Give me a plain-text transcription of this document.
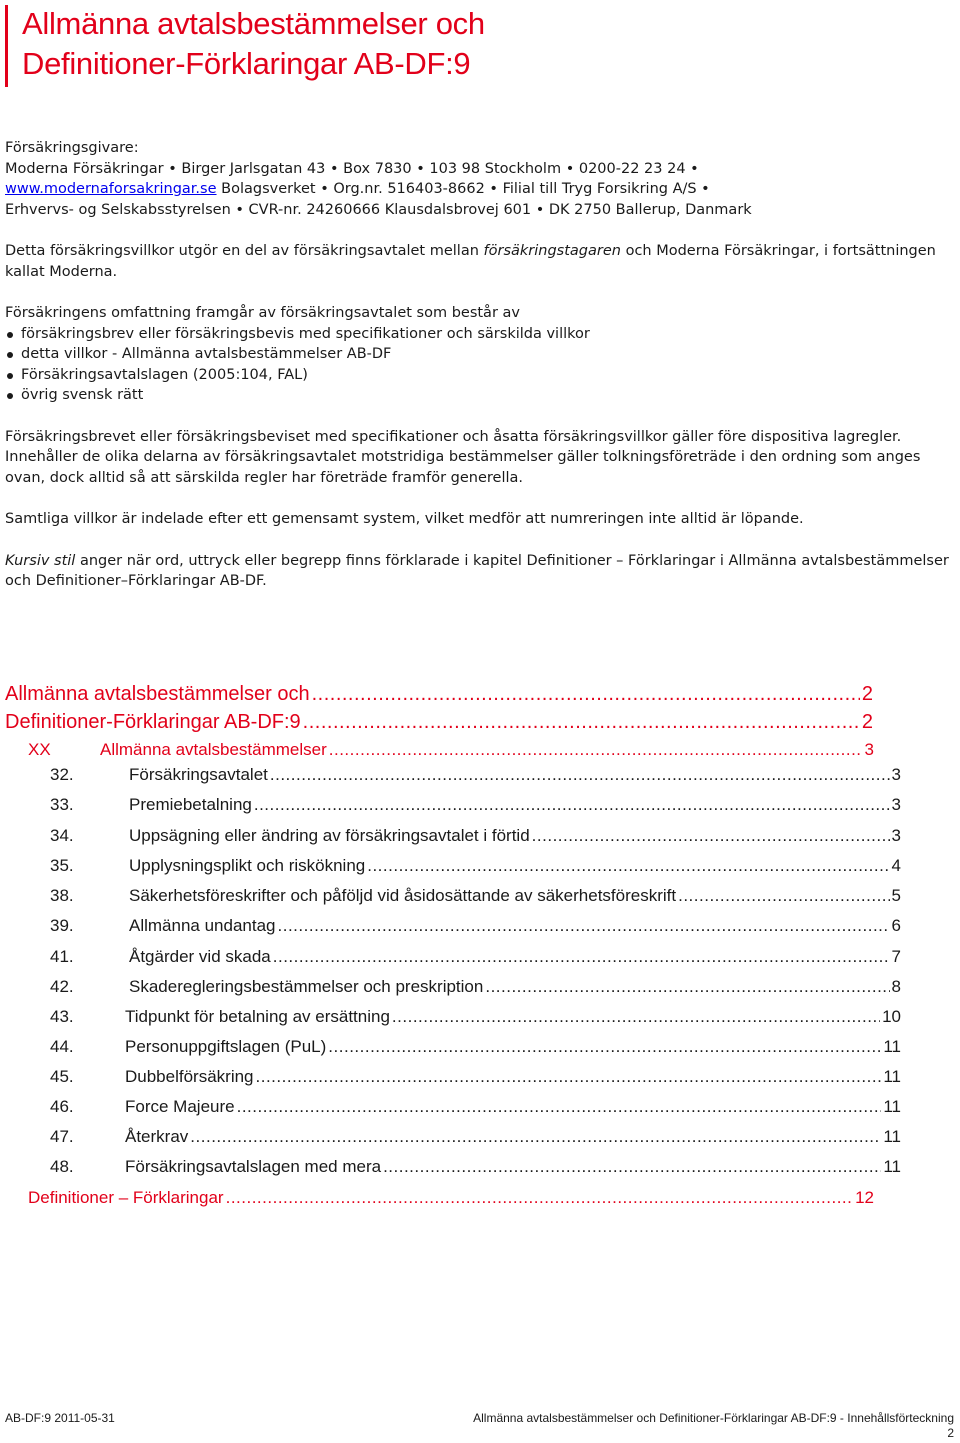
Allmänna avtalsbestämmelser och
Definitioner-Förklaringar AB-DF:9

Försäkringsgivare:

Moderna Försäkringar • Birger Jarlsgatan 43 • Box 7830 • 103 98 Stockholm • 0200-22 23 24 •

www.modernaforsakringar.se Bolagsverket • Org.nr. 516403-8662 • Filial till Tryg Forsikring A/S •

Erhvervs- og Selskabsstyrelsen • CVR-nr. 24260666 Klausdalsbrovej 601 • DK 2750 Ballerup, Danmark

Detta försäkringsvillkor utgör en del av försäkringsavtalet mellan försäkringstagaren och Moderna Försäkringar, i fortsättningen kallat Moderna.

Försäkringens omfattning framgår av försäkringsavtalet som består av

försäkringsbrev eller försäkringsbevis med specifikationer och särskilda villkor
detta villkor - Allmänna avtalsbestämmelser AB-DF
Försäkringsavtalslagen (2005:104, FAL)
övrig svensk rätt

Försäkringsbrevet eller försäkringsbeviset med specifikationer och åsatta försäkringsvillkor gäller före dispositiva lagregler. Innehåller de olika delarna av försäkringsavtalet motstridiga bestämmelser gäller tolkningsföreträde i den ordning som anges ovan, dock alltid så att särskilda regler har företräde framför generella.

Samtliga villkor är indelade efter ett gemensamt system, vilket medför att numreringen inte alltid är löpande.

Kursiv stil anger när ord, uttryck eller begrepp finns förklarade i kapitel Definitioner – Förklaringar i Allmänna avtalsbestämmelser och Definitioner–Förklaringar AB-DF.

Allmänna avtalsbestämmelser och .....	2
Definitioner-Förklaringar AB-DF:9 .....	2
XX	Allmänna avtalsbestämmelser .....	3
32.	Försäkringsavtalet .....	3
33.	Premiebetalning .....	3
34.	Uppsägning eller ändring av försäkringsavtalet i förtid .....	3
35.	Upplysningsplikt och riskökning .....	4
38.	Säkerhetsföreskrifter och påföljd vid åsidosättande av säkerhetsföreskrift .....	5
39.	Allmänna undantag .....	6
41.	Åtgärder vid skada .....	7
42.	Skaderegleringsbestämmelser och preskription .....	8
43.	Tidpunkt för betalning av ersättning .....	10
44.	Personuppgiftslagen (PuL) .....	11
45.	Dubbelförsäkring .....	11
46.	Force Majeure .....	11
47.	Återkrav .....	11
48.	Försäkringsavtalslagen med mera .....	11
Definitioner – Förklaringar .....	12
AB-DF:9 2011-05-31	Allmänna avtalsbestämmelser och Definitioner-Förklaringar AB-DF:9 - Innehållsförteckning
2
